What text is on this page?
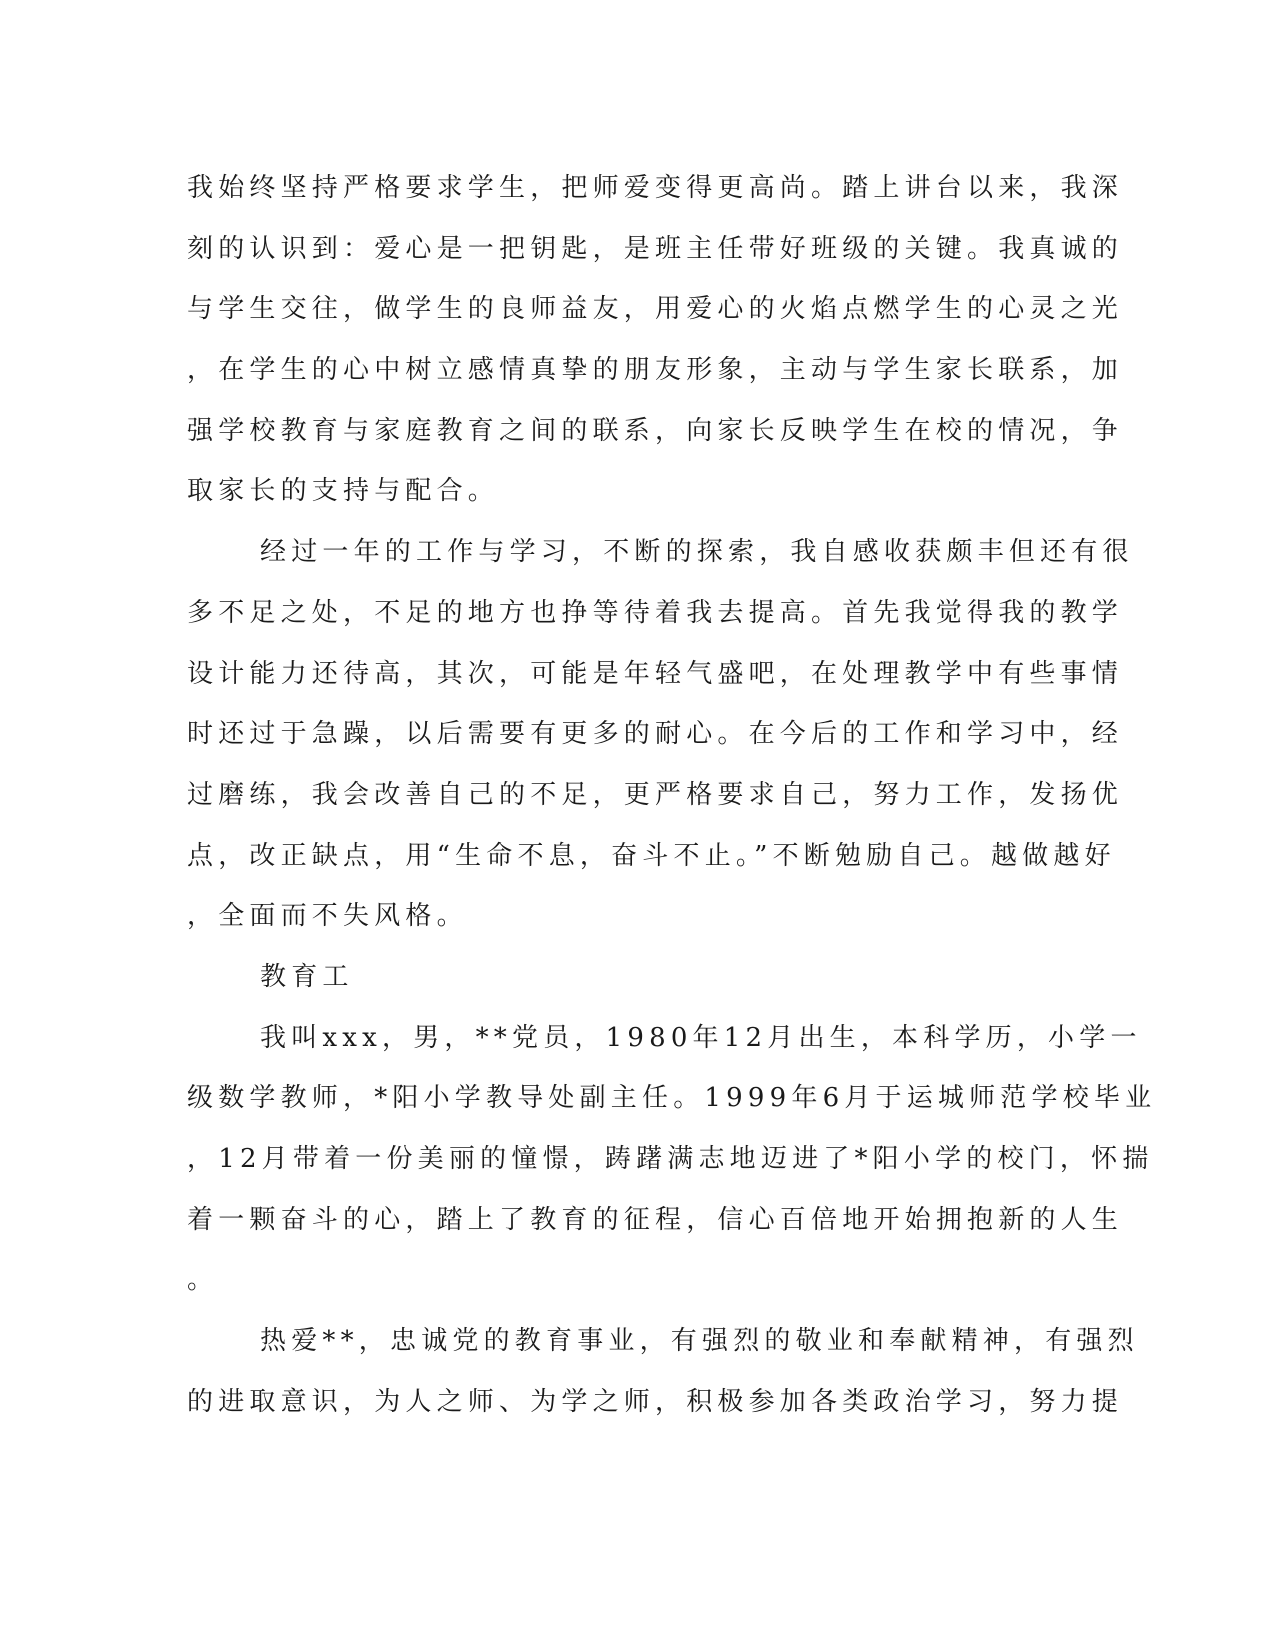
我始终坚持严格要求学生，把师爱变得更高尚。踏上讲台以来，我深
刻的认识到：爱心是一把钥匙，是班主任带好班级的关键。我真诚的
与学生交往，做学生的良师益友，用爱心的火焰点燃学生的心灵之光
，在学生的心中树立感情真挚的朋友形象，主动与学生家长联系，加
强学校教育与家庭教育之间的联系，向家长反映学生在校的情况，争
取家长的支持与配合。
经过一年的工作与学习，不断的探索，我自感收获颇丰但还有很
多不足之处，不足的地方也挣等待着我去提高。首先我觉得我的教学
设计能力还待高，其次，可能是年轻气盛吧，在处理教学中有些事情
时还过于急躁，以后需要有更多的耐心。在今后的工作和学习中，经
过磨练，我会改善自己的不足，更严格要求自己，努力工作，发扬优
点，改正缺点，用“生命不息，奋斗不止。”不断勉励自己。越做越好
，全面而不失风格。
教育工
我叫xxx，男，**党员，1980年12月出生，本科学历，小学一
级数学教师，*阳小学教导处副主任。1999年6月于运城师范学校毕业
，12月带着一份美丽的憧憬，踌躇满志地迈进了*阳小学的校门，怀揣
着一颗奋斗的心，踏上了教育的征程，信心百倍地开始拥抱新的人生
。
热爱**，忠诚党的教育事业，有强烈的敬业和奉献精神，有强烈
的进取意识，为人之师、为学之师，积极参加各类政治学习，努力提
